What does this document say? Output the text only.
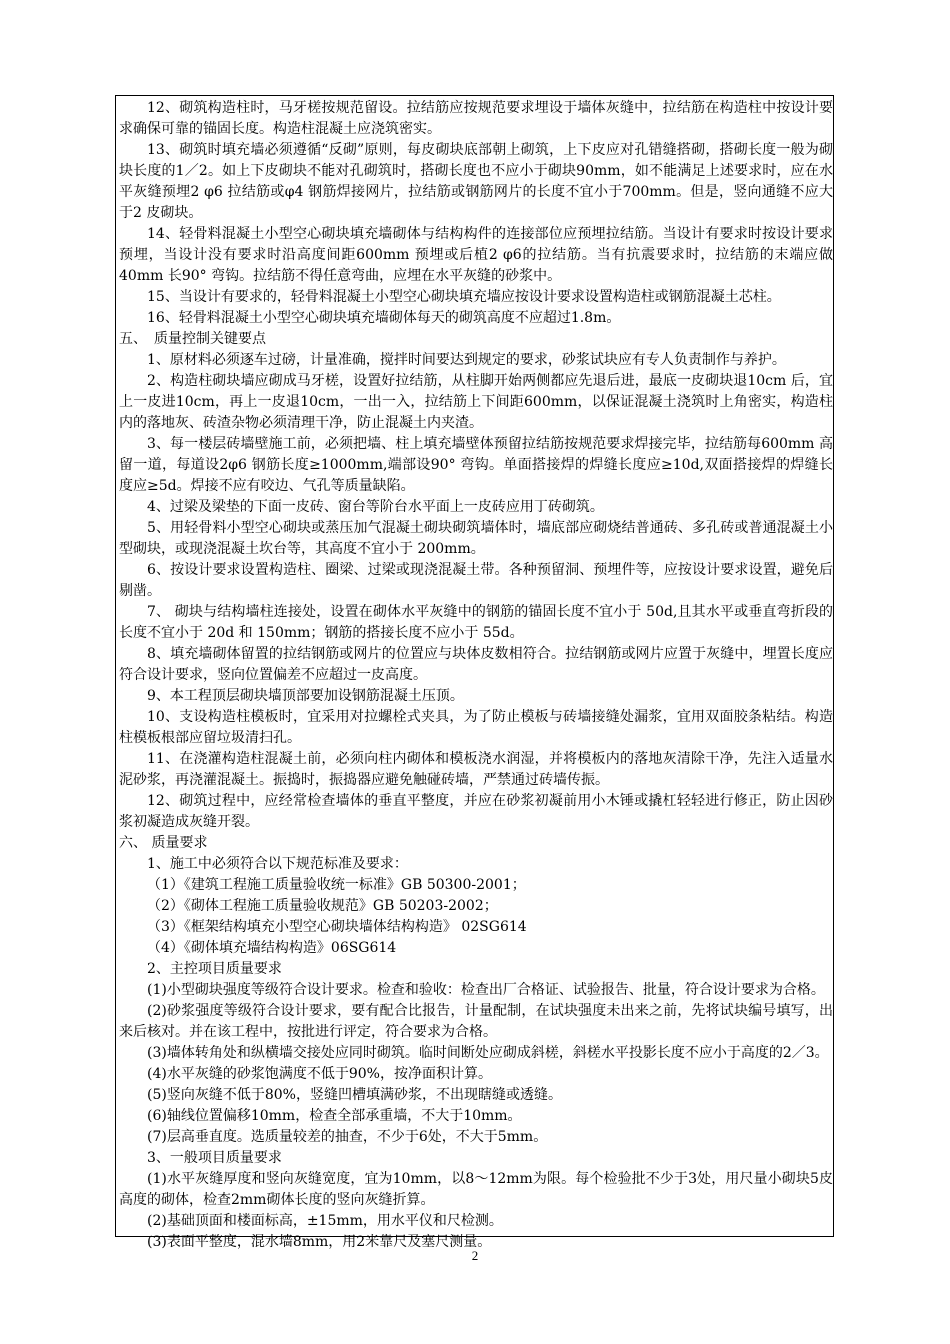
12、砌筑构造柱时，马牙槎按规范留设。拉结筋应按规范要求埋设于墙体灰缝中，拉结筋在构造柱中按设计要求确保可靠的锚固长度。构造柱混凝土应浇筑密实。

13、砌筑时填充墙必须遵循“反砌”原则，每皮砌块底部朝上砌筑，上下皮应对孔错缝搭砌，搭砌长度一般为砌块长度的1／2。如上下皮砌块不能对孔砌筑时，搭砌长度也不应小于砌块90mm，如不能满足上述要求时，应在水平灰缝预埋2 φ6 拉结筋或φ4 钢筋焊接网片，拉结筋或钢筋网片的长度不宜小于700mm。但是，竖向通缝不应大于2 皮砌块。

14、轻骨料混凝土小型空心砌块填充墙砌体与结构构件的连接部位应预埋拉结筋。当设计有要求时按设计要求预埋，当设计没有要求时沿高度间距600mm 预埋或后植2 φ6的拉结筋。当有抗震要求时，拉结筋的末端应做40mm 长90° 弯钩。拉结筋不得任意弯曲，应埋在水平灰缝的砂浆中。

15、当设计有要求的，轻骨料混凝土小型空心砌块填充墙应按设计要求设置构造柱或钢筋混凝土芯柱。

16、轻骨料混凝土小型空心砌块填充墙砌体每天的砌筑高度不应超过1.8m。

五、　质量控制关键要点

1、原材料必须逐车过磅，计量准确，搅拌时间要达到规定的要求，砂浆试块应有专人负责制作与养护。

2、构造柱砌块墙应砌成马牙槎，设置好拉结筋，从柱脚开始两侧都应先退后进，最底一皮砌块退10cm 后，宜上一皮进10cm，再上一皮退10cm，一出一入，拉结筋上下间距600mm，以保证混凝土浇筑时上角密实，构造柱内的落地灰、砖渣杂物必须清理干净，防止混凝土内夹渣。

3、每一楼层砖墙壁施工前，必须把墙、柱上填充墙壁体预留拉结筋按规范要求焊接完毕，拉结筋每600mm 高留一道，每道设2φ6 钢筋长度≥1000mm,端部设90° 弯钩。单面搭接焊的焊缝长度应≥10d,双面搭接焊的焊缝长度应≥5d。焊接不应有咬边、气孔等质量缺陷。

4、过梁及梁垫的下面一皮砖、窗台等阶台水平面上一皮砖应用丁砖砌筑。

5、用轻骨料小型空心砌块或蒸压加气混凝土砌块砌筑墙体时，墙底部应砌烧结普通砖、多孔砖或普通混凝土小型砌块，或现浇混凝土坎台等，其高度不宜小于 200mm。

6、按设计要求设置构造柱、圈梁、过梁或现浇混凝土带。各种预留洞、预埋件等，应按设计要求设置，避免后剔凿。

7、 砌块与结构墙柱连接处，设置在砌体水平灰缝中的钢筋的锚固长度不宜小于 50d,且其水平或垂直弯折段的长度不宜小于 20d 和 150mm；钢筋的搭接长度不应小于 55d。

8、填充墙砌体留置的拉结钢筋或网片的位置应与块体皮数相符合。拉结钢筋或网片应置于灰缝中，埋置长度应符合设计要求，竖向位置偏差不应超过一皮高度。

9、本工程顶层砌块墙顶部要加设钢筋混凝土压顶。

10、支设构造柱模板时，宜采用对拉螺栓式夹具，为了防止模板与砖墙接缝处漏浆，宜用双面胶条粘结。构造柱模板根部应留垃圾清扫孔。

11、在浇灌构造柱混凝土前，必须向柱内砌体和模板浇水润湿，并将模板内的落地灰清除干净，先注入适量水泥砂浆，再浇灌混凝土。振捣时，振捣器应避免触碰砖墙，严禁通过砖墙传振。

12、砌筑过程中，应经常检查墙体的垂直平整度，并应在砂浆初凝前用小木锤或撬杠轻轻进行修正，防止因砂浆初凝造成灰缝开裂。

六、 质量要求

1、施工中必须符合以下规范标准及要求：

（1）《建筑工程施工质量验收统一标准》GB 50300-2001；

（2）《砌体工程施工质量验收规范》GB 50203-2002；

（3）《框架结构填充小型空心砌块墙体结构构造》 02SG614

（4）《砌体填充墙结构构造》06SG614

2、主控项目质量要求

(1)小型砌块强度等级符合设计要求。检查和验收：检查出厂合格证、试验报告、批量，符合设计要求为合格。

(2)砂浆强度等级符合设计要求，要有配合比报告，计量配制，在试块强度未出来之前，先将试块编号填写，出来后核对。并在该工程中，按批进行评定，符合要求为合格。

(3)墙体转角处和纵横墙交接处应同时砌筑。临时间断处应砌成斜槎，斜槎水平投影长度不应小于高度的2／3。

(4)水平灰缝的砂浆饱满度不低于90%，按净面积计算。

(5)竖向灰缝不低于80%，竖缝凹槽填满砂浆，不出现瞎缝或透缝。

(6)轴线位置偏移10mm，检查全部承重墙，不大于10mm。

(7)层高垂直度。选质量较差的抽查，不少于6处，不大于5mm。

3、一般项目质量要求

(1)水平灰缝厚度和竖向灰缝宽度，宜为10mm，以8～12mm为限。每个检验批不少于3处，用尺量小砌块5皮高度的砌体，检查2mm砌体长度的竖向灰缝折算。

(2)基础顶面和楼面标高，±15mm，用水平仪和尺检测。

(3)表面平整度，混水墙8mm，用2米靠尺及塞尺测量。

2
